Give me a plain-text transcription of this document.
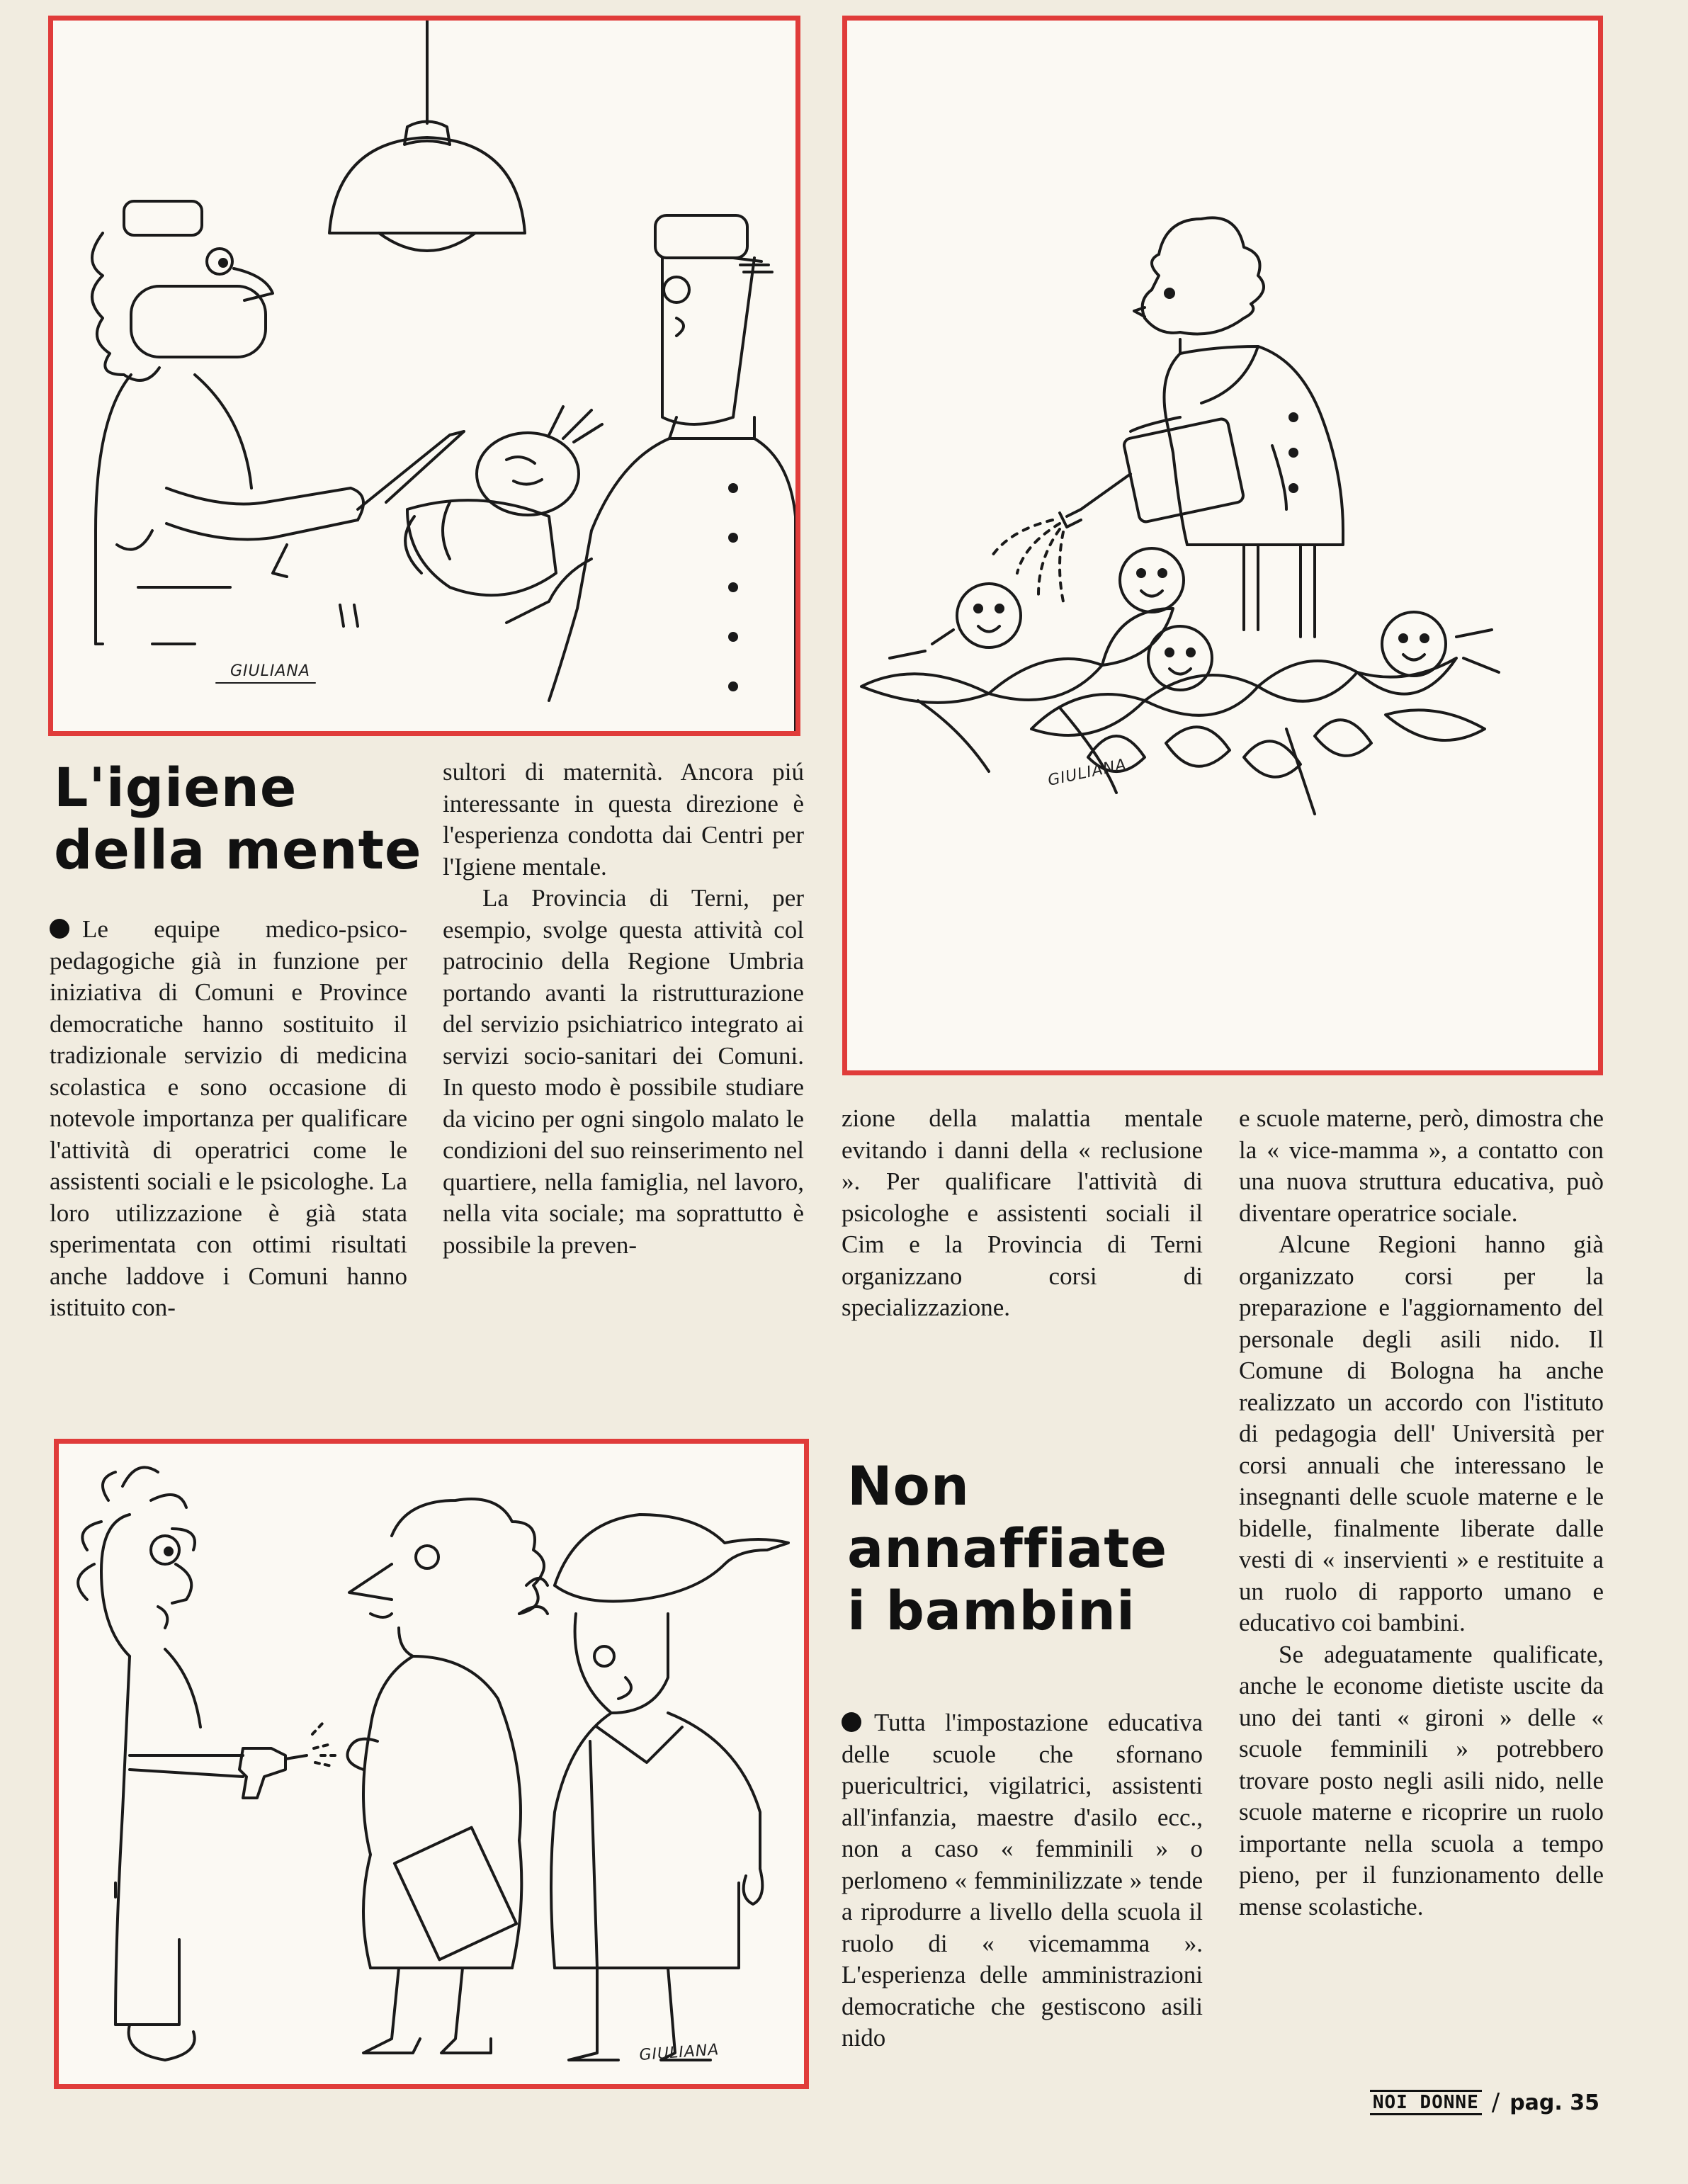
GIULIANA
GIULIANA
GIULIANA
L'igiene
della mente

Le equipe medico-psico-pedagogiche già in funzione per iniziativa di Comuni e Province democratiche hanno sostituito il tradizionale servizio di medicina scolastica e sono occasione di notevole importanza per qualificare l'attività di operatrici come le assistenti sociali e le psicologhe. La loro utilizzazione è già stata sperimentata con ottimi risultati anche laddove i Comuni hanno istituito con-

sultori di maternità. Ancora piú interessante in questa direzione è l'esperienza condotta dai Centri per l'Igiene mentale.

La Provincia di Terni, per esempio, svolge questa attività col patrocinio della Regione Umbria portando avanti la ristrutturazione del servizio psichiatrico integrato ai servizi socio-sanitari dei Comuni. In questo modo è possibile studiare da vicino per ogni singolo malato le condizioni del suo reinserimento nel quartiere, nella famiglia, nel lavoro, nella vita sociale; ma soprattutto è possibile la preven-

zione della malattia mentale evitando i danni della « reclusione ». Per qualificare l'attività di psicologhe e assistenti sociali il Cim e la Provincia di Terni organizzano corsi di specializzazione.

Non
annaffiate
i bambini

Tutta l'impostazione educativa delle scuole che sfornano puericultrici, vigilatrici, assistenti all'infanzia, maestre d'asilo ecc., non a caso « femminili » o perlomeno « femminilizzate » tende a riprodurre a livello della scuola il ruolo di « vicemamma ». L'esperienza delle amministrazioni democratiche che gestiscono asili nido

e scuole materne, però, dimostra che la « vice-mamma », a contatto con una nuova struttura educativa, può diventare operatrice sociale.

Alcune Regioni hanno già organizzato corsi per la preparazione e l'aggiornamento del personale degli asili nido. Il Comune di Bologna ha anche realizzato un accordo con l'istituto di pedagogia dell' Università per corsi annuali che interessano le insegnanti delle scuole materne e le bidelle, finalmente liberate dalle vesti di « inservienti » e restituite a un ruolo di rapporto umano e educativo coi bambini.

Se adeguatamente qualificate, anche le econome dietiste uscite da uno dei tanti « gironi » delle « scuole femminili » potrebbero trovare posto negli asili nido, nelle scuole materne e ricoprire un ruolo importante nella scuola a tempo pieno, per il funzionamento delle mense scolastiche.

NOI DONNE / pag. 35
